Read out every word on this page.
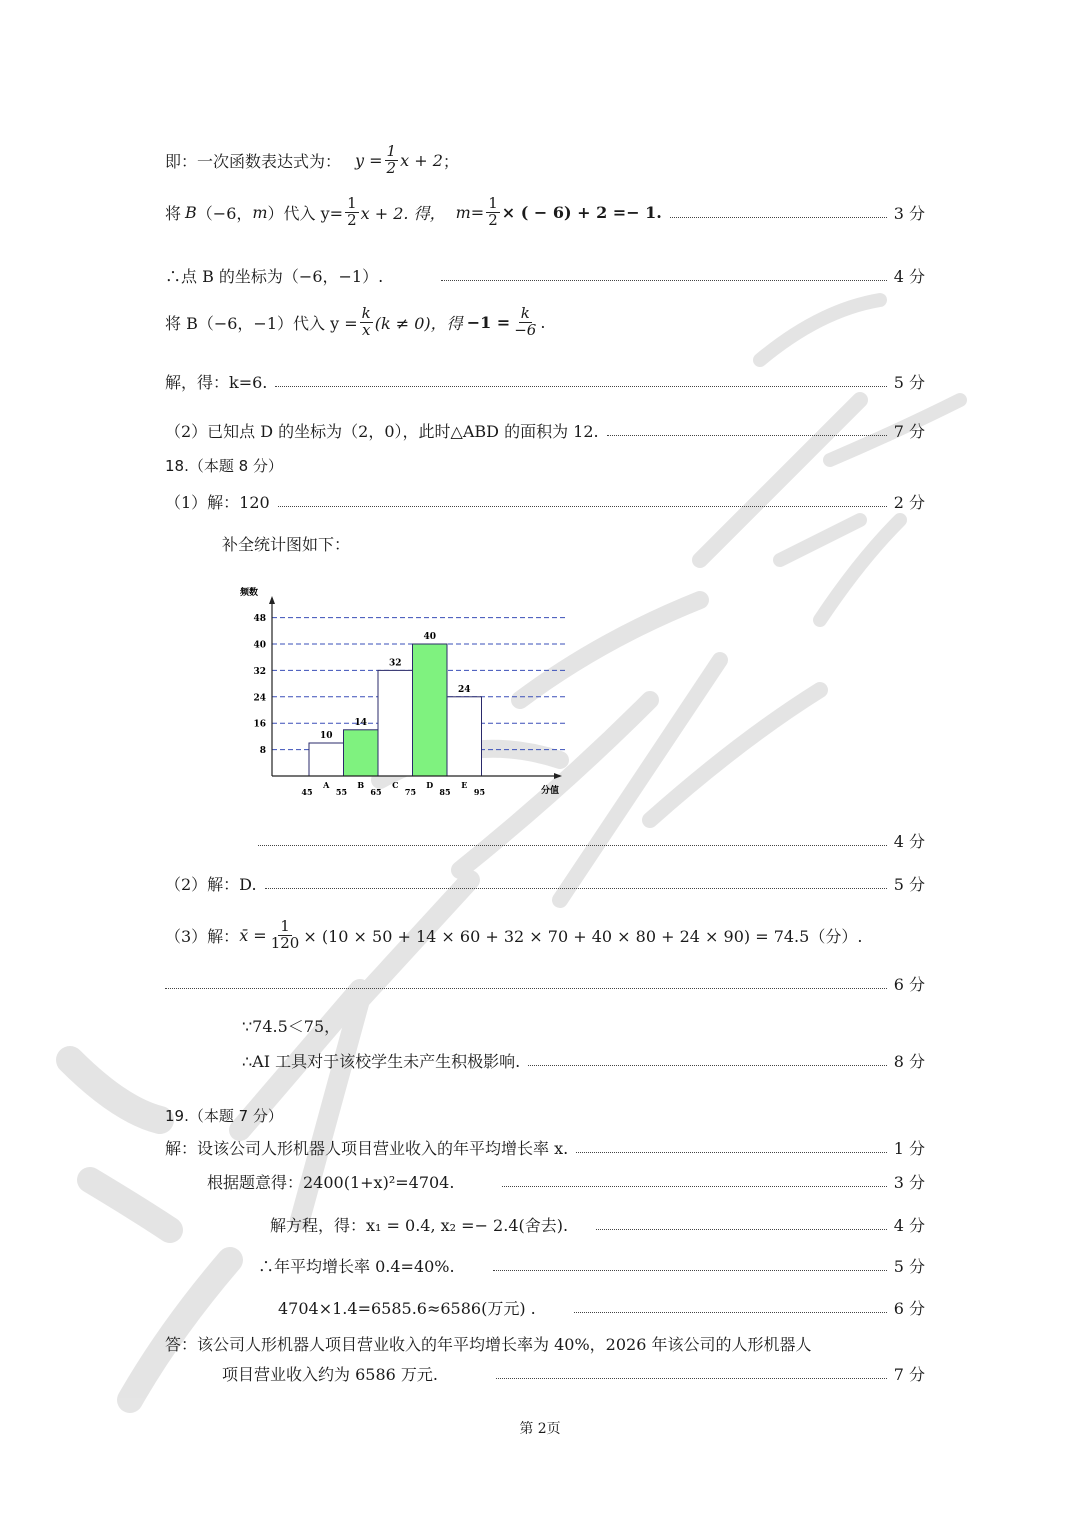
即：一次函数表达式为： $y = \frac{1}{2}$ x + 2 ；
将 B （−6， m ）代入 $y= \frac{1}{2}$ x + 2. 得， $m = \frac{1}{2}$ × ( − 6) + 2 =− 1.	3 分
∴点 B 的坐标为（−6，−1）.	4 分
将 B（−6，−1）代入 $y = \frac{k}{x} (k \ne 0)$，得 $-1 = \frac{k}{-6}$ .
解，得：k=6.	5 分
（2）已知点 D 的坐标为（2，0），此时△ABD 的面积为 12.	7 分
18.（本题 8 分）
（1）解：120	2 分
补全统计图如下：
8
16
24
32
40
48
10
A
14
B
32
C
40
D
24
E
45	55	65	75	85	95
频数
分值
4 分
（2）解：D.	5 分
（3）解： x̄ = $\frac{1}{120} \times (10 \times 50 + 14 \times 60 + 32 \times 70 + 40 \times 80 + 24 \times 90) = 74.5$（分）.
6 分
∵74.5＜75，
∴AI 工具对于该校学生未产生积极影响.	8 分
19.（本题 7 分）
解：设该公司人形机器人项目营业收入的年平均增长率 x.	1 分
根据题意得：2400(1+x)²=4704.	3 分
解方程，得：x₁ = 0.4, x₂ =− 2.4(舍去).	4 分
∴年平均增长率 0.4=40%.	5 分
4704×1.4=6585.6≈6586(万元) .	6 分
答：该公司人形机器人项目营业收入的年平均增长率为 40%，2026 年该公司的人形机器人
项目营业收入约为 6586 万元.	7 分
第 2页
